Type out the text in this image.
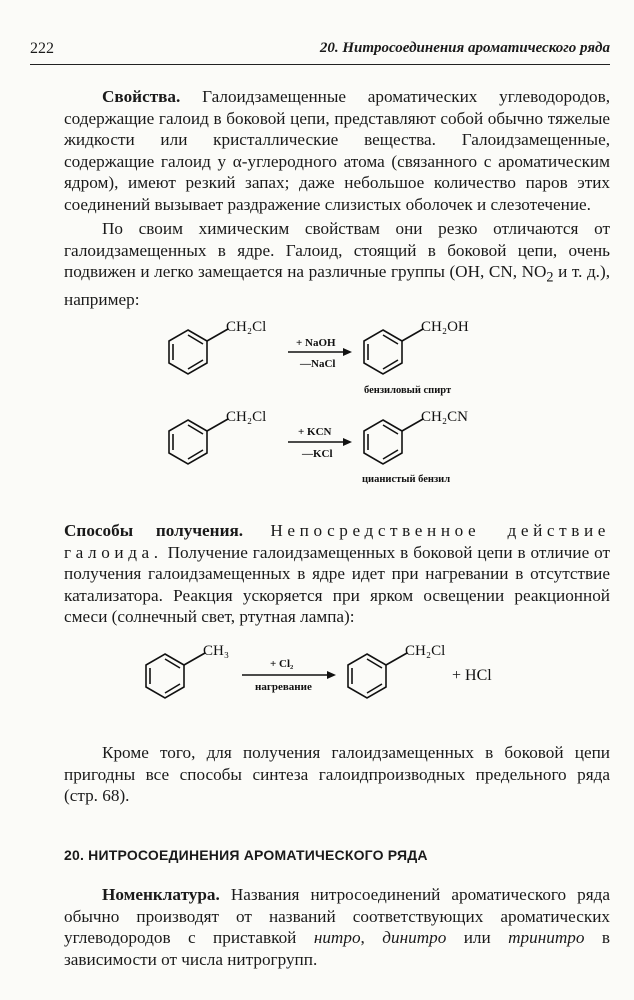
222	20. Нитросоединения ароматического ряда

Свойства. Галоидзамещенные ароматических углеводородов, содержащие галоид в боковой цепи, представляют собой обычно тяжелые жидкости или кристаллические вещества. Галоидзамещенные, содержащие галоид у α-углеродного атома (связанного с ароматическим ядром), имеют резкий запах; даже небольшое количество паров этих соединений вызывает раздражение слизистых оболочек и слезотечение.

По своим химическим свойствам они резко отличаются от галоидзамещенных в ядре. Галоид, стоящий в боковой цепи, очень подвижен и легко замещается на различные группы (OH, CN, $NO_2$ и т. д.), например:

CH₂Cl
+ NaOH
—NaCl
CH₂OH
бензиловый спирт
CH₂Cl
+ KCN
—KCl
CH₂CN
цианистый бензил
CH₃
+ Cl₂
нагревание
CH₂Cl
+ HCl

Способы получения. Непосредственное действие галоида. Получение галоидзамещенных в боковой цепи в отличие от получения галоидзамещенных в ядре идет при нагревании в отсутствие катализатора. Реакция ускоряется при ярком освещении реакционной смеси (солнечный свет, ртутная лампа):

Кроме того, для получения галоидзамещенных в боковой цепи пригодны все способы синтеза галоидпроизводных предельного ряда (стр. 68).

20. НИТРОСОЕДИНЕНИЯ АРОМАТИЧЕСКОГО РЯДА

Номенклатура. Названия нитросоединений ароматического ряда обычно производят от названий соответствующих ароматических углеводородов с приставкой нитро, динитро или тринитро в зависимости от числа нитрогрупп.
